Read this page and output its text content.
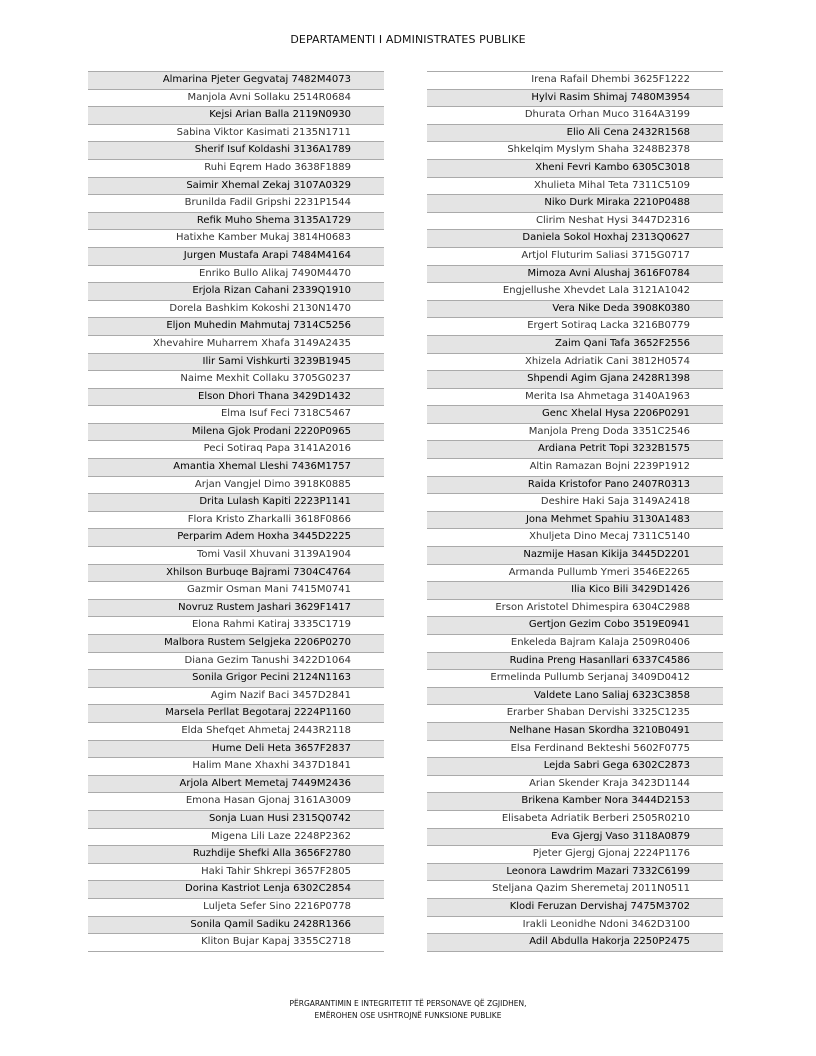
DEPARTAMENTI I ADMINISTRATES PUBLIKE
Almarina Pjeter Gegvataj 7482M4073
Manjola Avni Sollaku 2514R0684
Kejsi Arian Balla 2119N0930
Sabina Viktor Kasimati 2135N1711
Sherif Isuf Koldashi 3136A1789
Ruhi Eqrem Hado 3638F1889
Saimir Xhemal Zekaj 3107A0329
Brunilda Fadil Gripshi 2231P1544
Refik Muho Shema 3135A1729
Hatixhe Kamber Mukaj 3814H0683
Jurgen Mustafa Arapi 7484M4164
Enriko Bullo Alikaj 7490M4470
Erjola Rizan Cahani 2339Q1910
Dorela Bashkim Kokoshi 2130N1470
Eljon Muhedin Mahmutaj 7314C5256
Xhevahire Muharrem Xhafa 3149A2435
Ilir Sami Vishkurti 3239B1945
Naime Mexhit Collaku 3705G0237
Elson Dhori Thana 3429D1432
Elma Isuf Feci 7318C5467
Milena Gjok Prodani 2220P0965
Peci Sotiraq Papa 3141A2016
Amantia Xhemal Lleshi 7436M1757
Arjan Vangjel Dimo 3918K0885
Drita Lulash Kapiti 2223P1141
Flora Kristo Zharkalli 3618F0866
Perparim Adem Hoxha 3445D2225
Tomi Vasil Xhuvani 3139A1904
Xhilson Burbuqe Bajrami 7304C4764
Gazmir Osman Mani 7415M0741
Novruz Rustem Jashari 3629F1417
Elona Rahmi Katiraj 3335C1719
Malbora Rustem Selgjeka 2206P0270
Diana Gezim Tanushi 3422D1064
Sonila Grigor Pecini 2124N1163
Agim Nazif Baci 3457D2841
Marsela Perllat Begotaraj 2224P1160
Elda Shefqet Ahmetaj 2443R2118
Hume Deli Heta 3657F2837
Halim Mane Xhaxhi 3437D1841
Arjola Albert Memetaj 7449M2436
Emona Hasan Gjonaj 3161A3009
Sonja Luan Husi 2315Q0742
Migena Lili Laze 2248P2362
Ruzhdije Shefki Alla 3656F2780
Haki Tahir Shkrepi 3657F2805
Dorina Kastriot Lenja 6302C2854
Luljeta Sefer Sino 2216P0778
Sonila Qamil Sadiku 2428R1366
Kliton Bujar Kapaj 3355C2718
Irena Rafail Dhembi 3625F1222
Hylvi Rasim Shimaj 7480M3954
Dhurata Orhan Muco 3164A3199
Elio Ali Cena 2432R1568
Shkelqim Myslym Shaha 3248B2378
Xheni Fevri Kambo 6305C3018
Xhulieta Mihal Teta 7311C5109
Niko Durk Miraka 2210P0488
Clirim Neshat Hysi 3447D2316
Daniela Sokol Hoxhaj 2313Q0627
Artjol Fluturim Saliasi 3715G0717
Mimoza Avni Alushaj 3616F0784
Engjellushe Xhevdet Lala 3121A1042
Vera Nike Deda 3908K0380
Ergert Sotiraq Lacka 3216B0779
Zaim Qani Tafa 3652F2556
Xhizela Adriatik Cani 3812H0574
Shpendi Agim Gjana 2428R1398
Merita Isa Ahmetaga 3140A1963
Genc Xhelal Hysa 2206P0291
Manjola Preng Doda 3351C2546
Ardiana Petrit Topi 3232B1575
Altin Ramazan Bojni 2239P1912
Raida Kristofor Pano 2407R0313
Deshire Haki Saja 3149A2418
Jona Mehmet Spahiu 3130A1483
Xhuljeta Dino Mecaj 7311C5140
Nazmije Hasan Kikija 3445D2201
Armanda Pullumb Ymeri 3546E2265
Ilia Kico Bili 3429D1426
Erson Aristotel Dhimespira 6304C2988
Gertjon Gezim Cobo 3519E0941
Enkeleda Bajram Kalaja 2509R0406
Rudina Preng Hasanllari 6337C4586
Ermelinda Pullumb Serjanaj 3409D0412
Valdete Lano Saliaj 6323C3858
Erarber Shaban Dervishi 3325C1235
Nelhane Hasan Skordha 3210B0491
Elsa Ferdinand Bekteshi 5602F0775
Lejda Sabri Gega 6302C2873
Arian Skender Kraja 3423D1144
Brikena Kamber Nora 3444D2153
Elisabeta Adriatik Berberi 2505R0210
Eva Gjergj Vaso 3118A0879
Pjeter Gjergj Gjonaj 2224P1176
Leonora Lawdrim Mazari 7332C6199
Steljana Qazim Sheremetaj 2011N0511
Klodi Feruzan Dervishaj 7475M3702
Irakli Leonidhe Ndoni 3462D3100
Adil Abdulla Hakorja 2250P2475
PËRGARANTIMIN E INTEGRITETIT TË PERSONAVE QË ZGJIDHEN,
EMËROHEN OSE USHTROJNË FUNKSIONE PUBLIKE
